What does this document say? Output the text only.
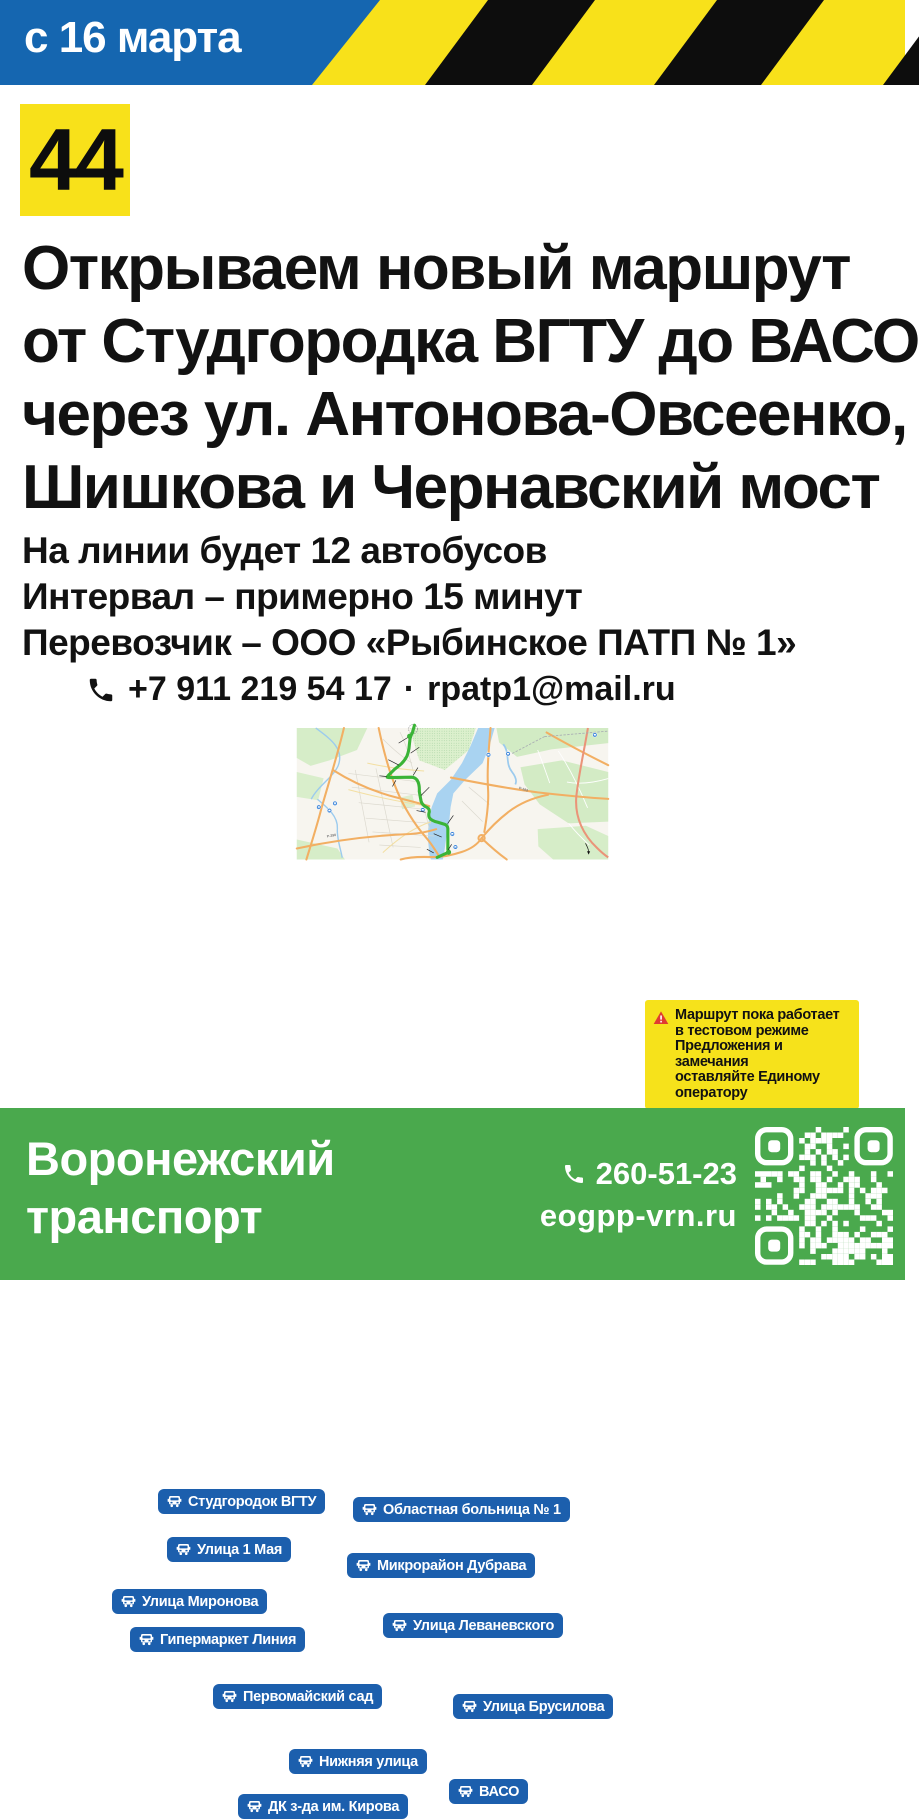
с 16 марта
44
Открываем новый маршрут
от Студгородка ВГТУ до ВАСО
через ул. Антонова-Овсеенко,
Шишкова и Чернавский мост
На линии будет 12 автобусов
Интервал – примерно 15 минут
Перевозчик – ООО «Рыбинское ПАТП № 1»
+7 911 219 54 17 · rpatp1@mail.ru
Р-298
Р-193
Студгородок ВГТУ	Областная больница № 1
Улица 1 Мая
Микрорайон Дубрава
Улица Миронова
Гипермаркет Линия
Улица Леваневского
Первомайский сад
Улица Брусилова
Нижняя улица
ВАСО
ДК з-да им. Кирова
Маршрут пока работает
в тестовом режиме
Предложения и замечания
оставляйте Единому оператору
Воронежский
транспорт
260-51-23
eogpp-vrn.ru
